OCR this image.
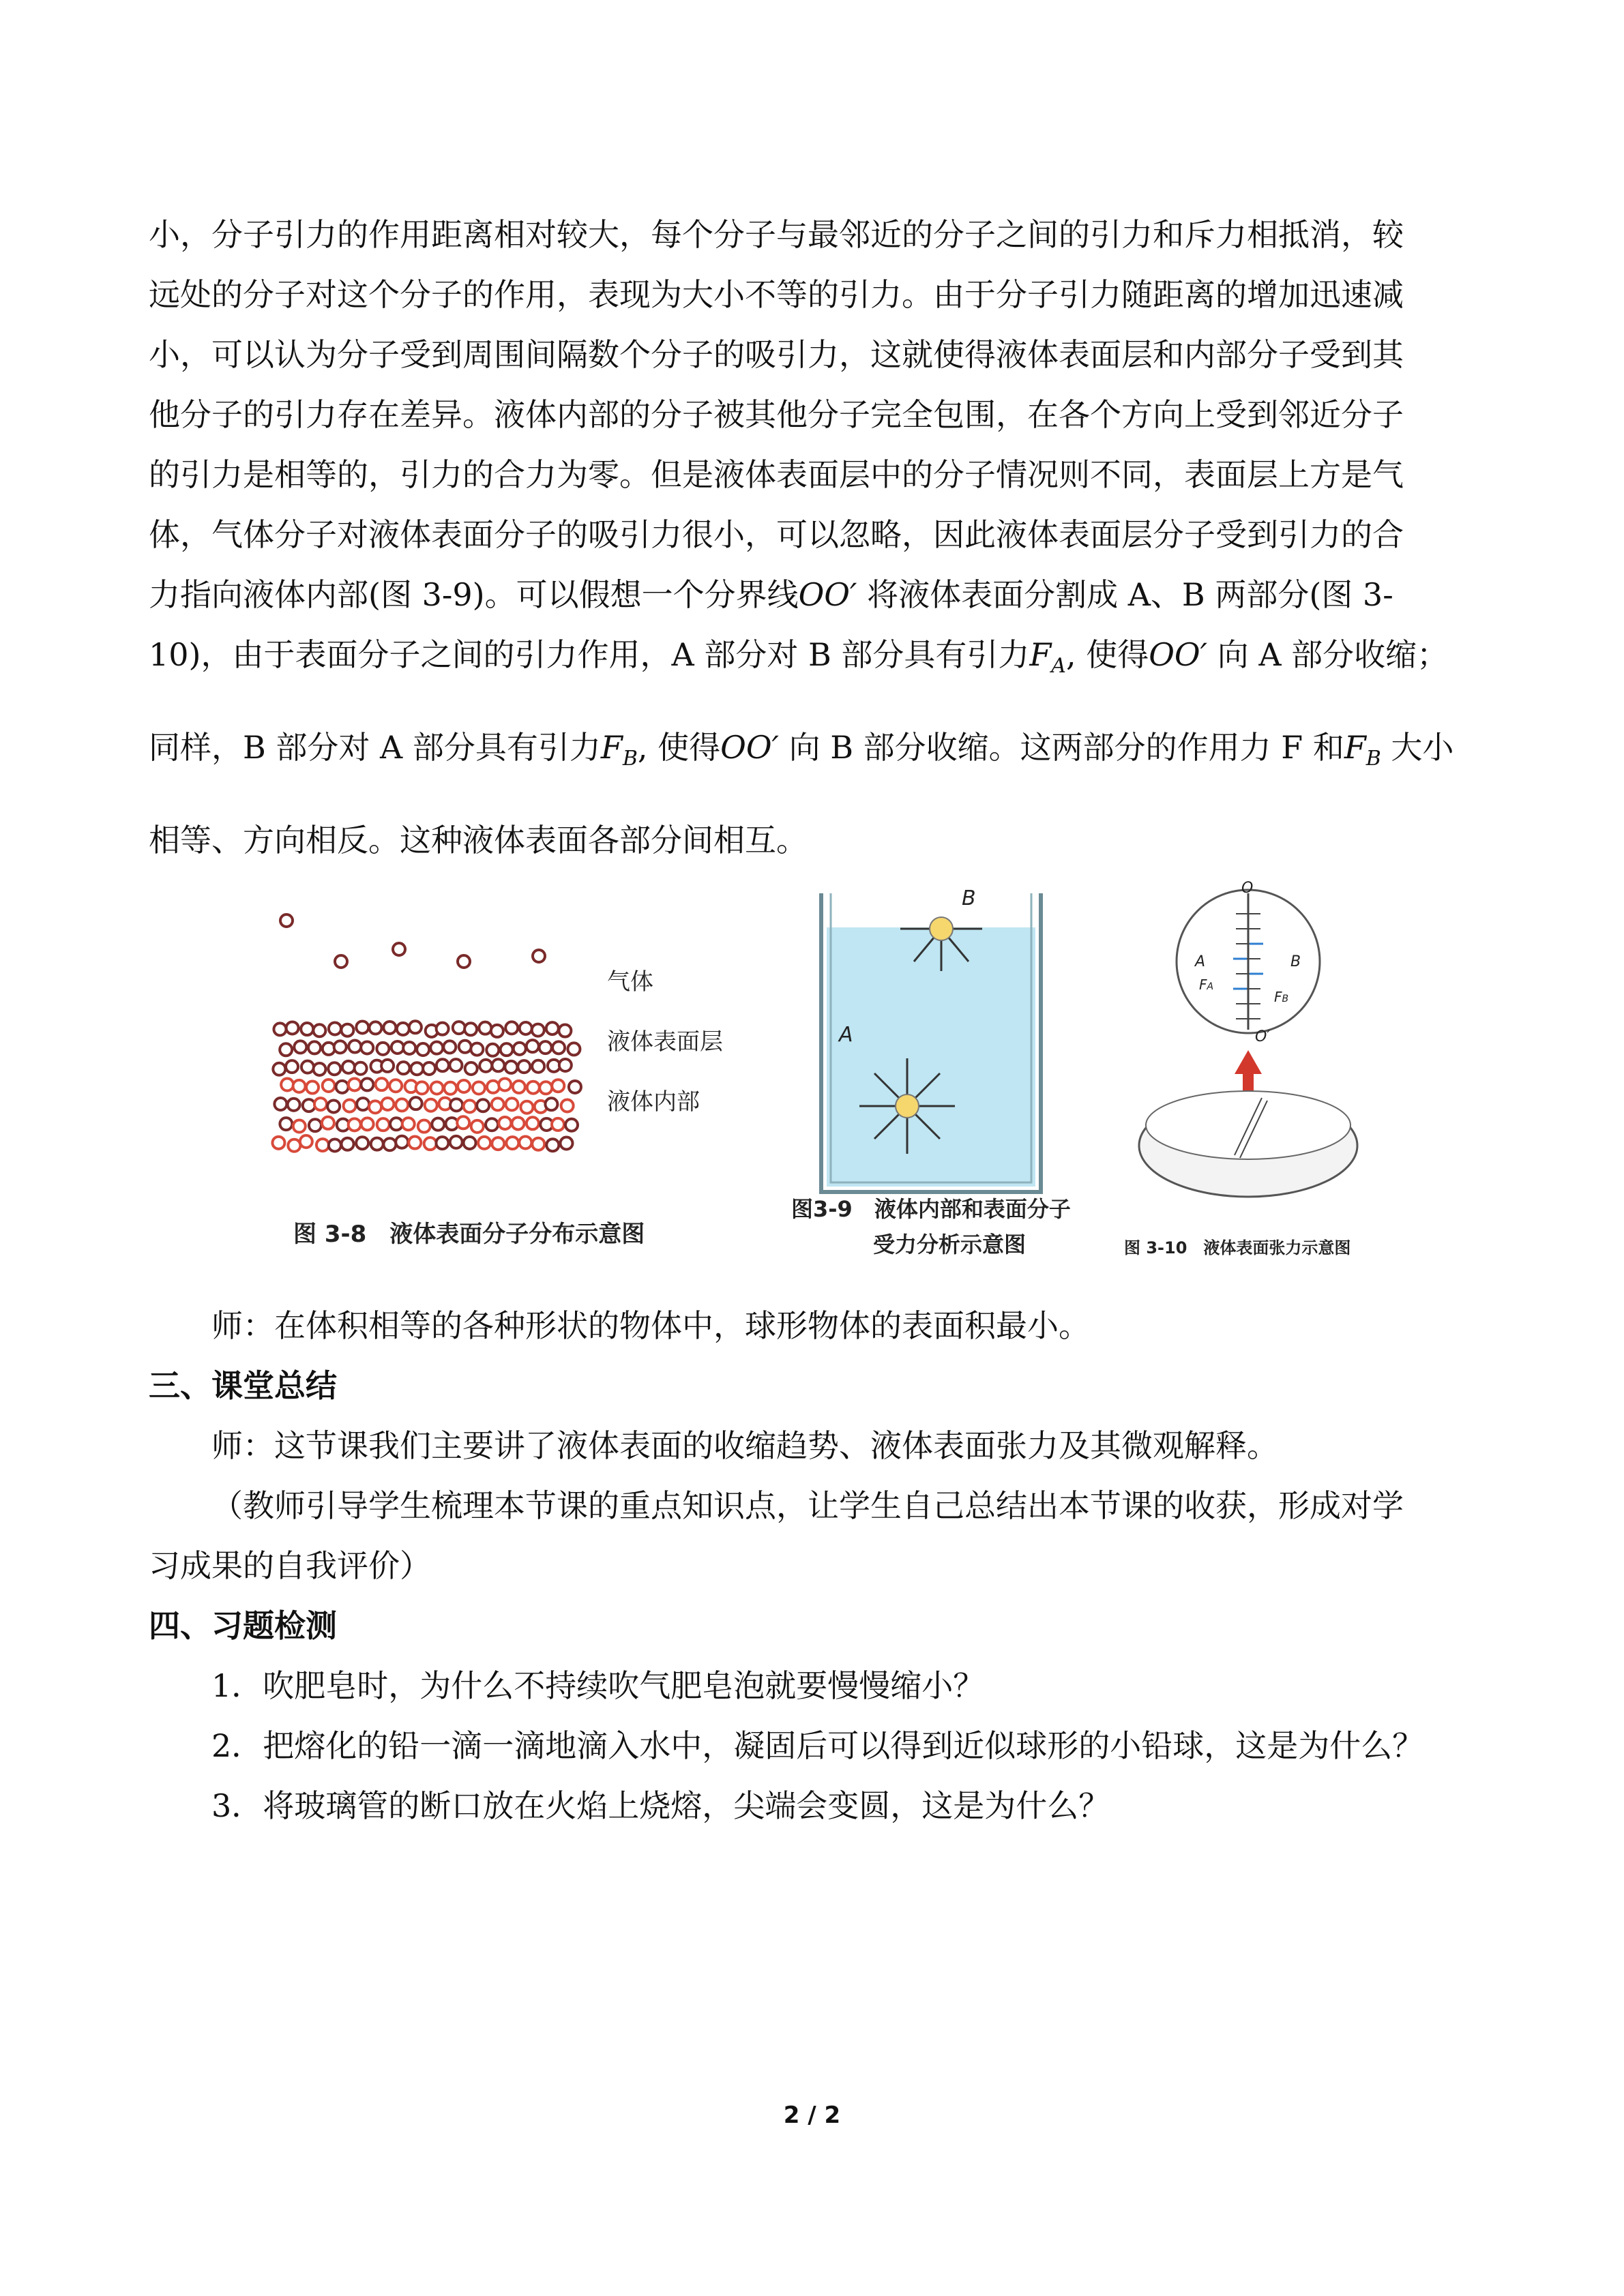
小，分子引力的作用距离相对较大，每个分子与最邻近的分子之间的引力和斥力相抵消，较
远处的分子对这个分子的作用，表现为大小不等的引力。由于分子引力随距离的增加迅速减
小，可以认为分子受到周围间隔数个分子的吸引力，这就使得液体表面层和内部分子受到其
他分子的引力存在差异。液体内部的分子被其他分子完全包围，在各个方向上受到邻近分子
的引力是相等的，引力的合力为零。但是液体表面层中的分子情况则不同，表面层上方是气
体，气体分子对液体表面分子的吸引力很小，可以忽略，因此液体表面层分子受到引力的合
力指向液体内部(图 3-9)。可以假想一个分界线OO′ 将液体表面分割成 A、B 两部分(图 3-
10)，由于表面分子之间的引力作用，A 部分对 B 部分具有引力$F_A$, 使得OO′ 向 A 部分收缩；
同样，B 部分对 A 部分具有引力$F_B$, 使得OO′ 向 B 部分收缩。这两部分的作用力 F 和$F_B$ 大小
相等、方向相反。这种液体表面各部分间相互。
气体
液体表面层
液体内部
图 3-8　液体表面分子分布示意图
B
A
图3-9　液体内部和表面分子
受力分析示意图
O
A	B
FA
FB
O′
图 3-10　液体表面张力示意图
师：在体积相等的各种形状的物体中，球形物体的表面积最小。
三、课堂总结
师：这节课我们主要讲了液体表面的收缩趋势、液体表面张力及其微观解释。
（教师引导学生梳理本节课的重点知识点，让学生自己总结出本节课的收获，形成对学
习成果的自我评价）
四、习题检测
1．吹肥皂时，为什么不持续吹气肥皂泡就要慢慢缩小？
2．把熔化的铅一滴一滴地滴入水中，凝固后可以得到近似球形的小铅球，这是为什么？
3．将玻璃管的断口放在火焰上烧熔，尖端会变圆，这是为什么？
2 / 2
